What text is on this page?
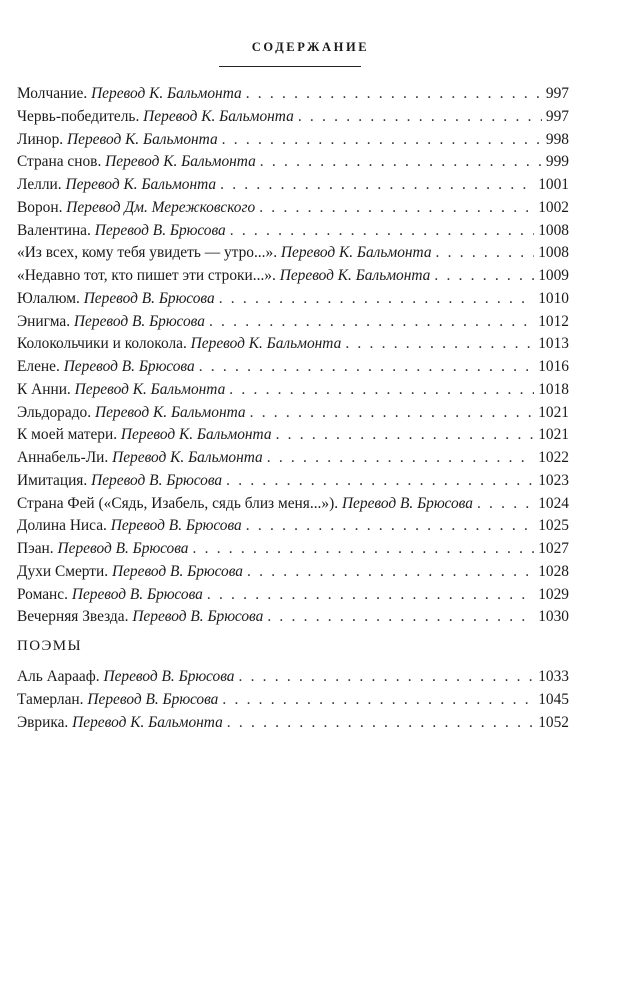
СОДЕРЖАНИЕ
Молчание. Перевод К. Бальмонта . . .	997
Червь-победитель. Перевод К. Бальмонта . . .	997
Линор. Перевод К. Бальмонта . . .	998
Страна снов. Перевод К. Бальмонта . . .	999
Лелли. Перевод К. Бальмонта . . .	1001
Ворон. Перевод Дм. Мережковского . . .	1002
Валентина. Перевод В. Брюсова . . .	1008
«Из всех, кому тебя увидеть — утро...». Перевод К. Бальмонта . . .	1008
«Недавно тот, кто пишет эти строки...». Перевод К. Бальмонта . . .	1009
Юлалюм. Перевод В. Брюсова . . .	1010
Энигма. Перевод В. Брюсова . . .	1012
Колокольчики и колокола. Перевод К. Бальмонта . . .	1013
Елене. Перевод В. Брюсова . . .	1016
К Анни. Перевод К. Бальмонта . . .	1018
Эльдорадо. Перевод К. Бальмонта . . .	1021
К моей матери. Перевод К. Бальмонта . . .	1021
Аннабель-Ли. Перевод К. Бальмонта . . .	1022
Имитация. Перевод В. Брюсова . . .	1023
Страна Фей («Сядь, Изабель, сядь близ меня...»). Перевод В. Брюсова . . .	1024
Долина Ниса. Перевод В. Брюсова . . .	1025
Пэан. Перевод В. Брюсова . . .	1027
Духи Смерти. Перевод В. Брюсова . . .	1028
Романс. Перевод В. Брюсова . . .	1029
Вечерняя Звезда. Перевод В. Брюсова . . .	1030
ПОЭМЫ
Аль Аарааф. Перевод В. Брюсова . . .	1033
Тамерлан. Перевод В. Брюсова . . .	1045
Эврика. Перевод К. Бальмонта . . .	1052
